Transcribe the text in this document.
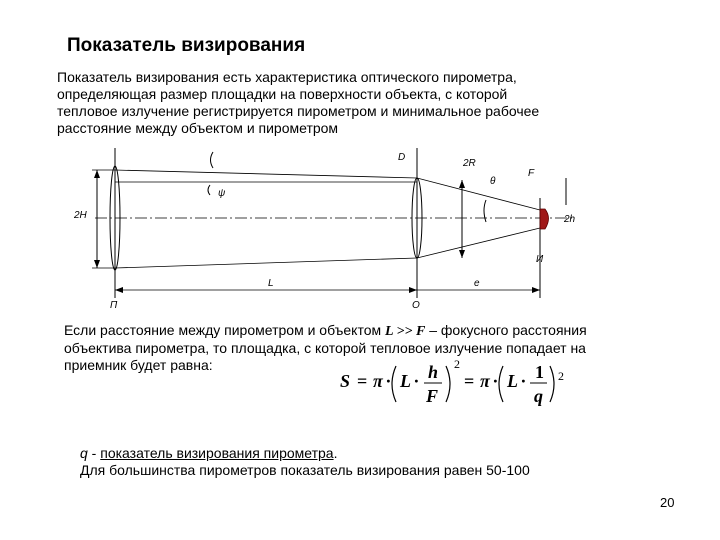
Показатель визирования
Показатель визирования есть характеристика оптического пирометра,
определяющая размер площадки на поверхности объекта, с которой
тепловое излучение регистрируется пирометром и минимальное рабочее
расстояние между объектом и пирометром
D
2R
θ
F
ψ
2H	2h
И
L	е
П	О
Если расстояние между пирометром и объектом L >> F – фокусного расстояния
объектива пирометра, то площадка, с которой тепловое излучение попадает на
приемник будет равна:
S = π · L · h
F
2
= π · L · 1
q
2
q - показатель визирования пирометра.
Для большинства пирометров показатель визирования равен 50-100
20
